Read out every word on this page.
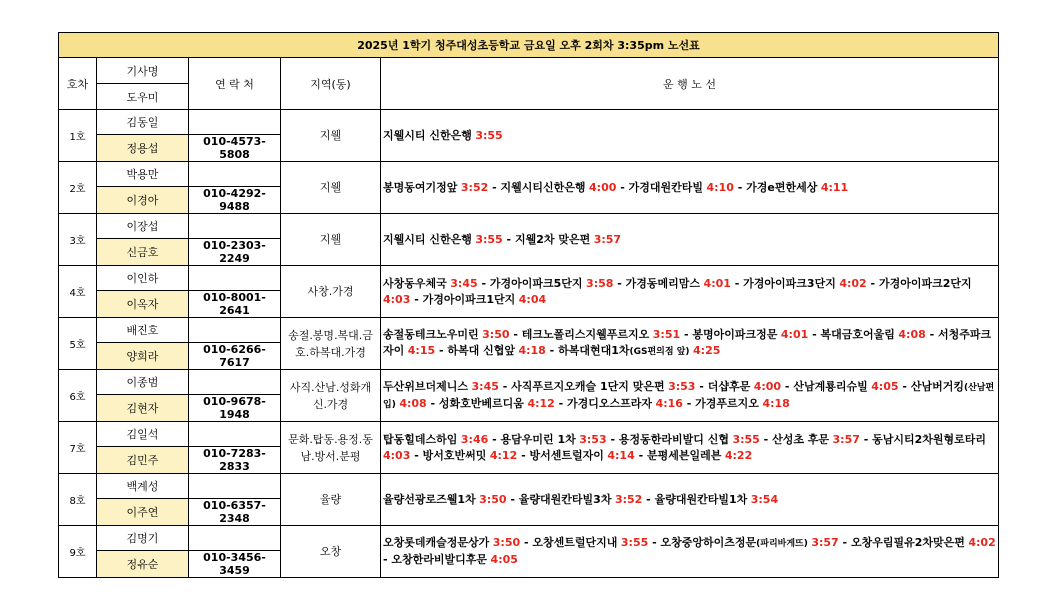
2025년 1학기 청주대성초등학교 금요일 오후 2회차 3:35pm 노선표				
호차	기사명	연 락 처	지역(동)	운 행 노 선
	도우미			
1호	김동일		지웰	지웰시티 신한은행 3:55
	정용섭	010-4573-5808		
2호	박용만		지웰	봉명동여기정앞 3:52 - 지웰시티신한은행 4:00 - 가경대원칸타빌 4:10 - 가경e편한세상 4:11
	이경아	010-4292-9488		
3호	이장섭		지웰	지웰시티 신한은행 3:55 - 지웰2차 맞은편 3:57
	신금호	010-2303-2249		
4호	이인하		사창.가경	사창동우체국 3:45 - 가경아이파크5단지 3:58 - 가경동메리맘스 4:01 - 가경아이파크3단지 4:02 - 가경아이파크2단지 4:03 - 가경아이파크1단지 4:04
	이옥자	010-8001-2641		
5호	배진호		송절.봉명.복대.금호.하복대.가경	송절동테크노우미린 3:50 - 테크노폴리스지웰푸르지오 3:51 - 봉명아이파크정문 4:01 - 복대금호어울림 4:08 - 서청주파크자이 4:15 - 하복대 신협앞 4:18 - 하복대현대1차(GS편의점 앞) 4:25
	양희라	010-6266-7617		
6호	이종범		사직.산남.성화개신.가경	두산위브더제니스 3:45 - 사직푸르지오캐슬 1단지 맞은편 3:53 - 더샵후문 4:00 - 산남계룡리슈빌 4:05 - 산남버거킹(산남편입) 4:08 - 성화호반베르디움 4:12 - 가경디오스프라자 4:16 - 가경푸르지오 4:18
	김현자	010-9678-1948		
7호	김일석		문화.탑동.용정.동남.방서.분평	탑동힐데스하임 3:46 - 용담우미린 1차 3:53 - 용정동한라비발디 신협 3:55 - 산성초 후문 3:57 - 동남시티2차원형로타리 4:03 - 방서호반써밋 4:12 - 방서센트럴자이 4:14 - 분평세븐일레븐 4:22
	김민주	010-7283-2833		
8호	백계성		율량	율량선광로즈웰1차 3:50 - 율량대원칸타빌3차 3:52 - 율량대원칸타빌1차 3:54
	이주연	010-6357-2348		
9호	김명기		오창	오창롯데캐슬정문상가 3:50 - 오창센트럴단지내 3:55 - 오창중앙하이츠정문(파리바게뜨) 3:57 - 오창우림필유2차맞은편 4:02 - 오창한라비발디후문 4:05
	정유순	010-3456-3459		
